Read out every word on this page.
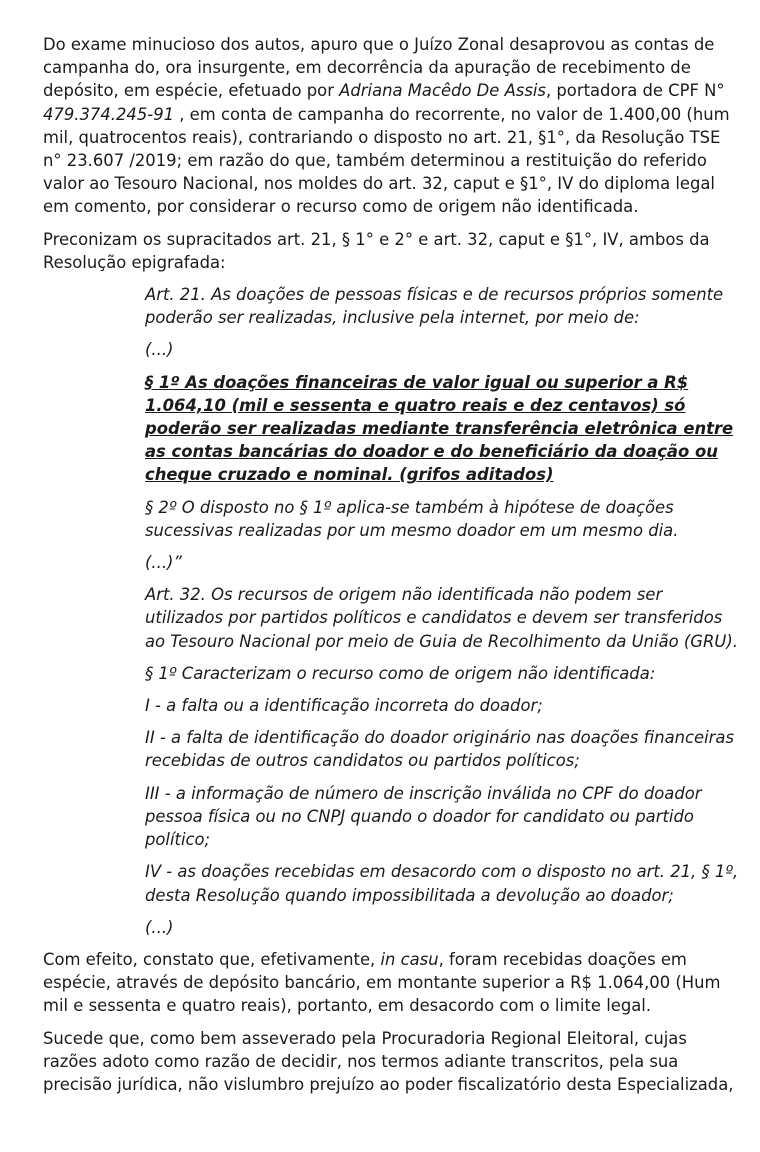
Do exame minucioso dos autos, apuro que o Juízo Zonal desaprovou as contas de campanha do, ora insurgente, em decorrência da apuração de recebimento de depósito, em espécie, efetuado por Adriana Macêdo De Assis, portadora de CPF N° 479.374.245-91 , em conta de campanha do recorrente, no valor de 1.400,00 (hum mil, quatrocentos reais), contrariando o disposto no art. 21, §1°, da Resolução TSE n° 23.607 /2019; em razão do que, também determinou a restituição do referido valor ao Tesouro Nacional, nos moldes do art. 32, caput e §1°, IV do diploma legal em comento, por considerar o recurso como de origem não identificada.

Preconizam os supracitados art. 21, § 1° e 2° e art. 32, caput e §1°, IV, ambos da Resolução epigrafada:

Art. 21. As doações de pessoas físicas e de recursos próprios somente poderão ser realizadas, inclusive pela internet, por meio de:

(...)

§ 1º As doações financeiras de valor igual ou superior a R$ 1.064,10 (mil e sessenta e quatro reais e dez centavos) só poderão ser realizadas mediante transferência eletrônica entre as contas bancárias do doador e do beneficiário da doação ou cheque cruzado e nominal. (grifos aditados)

§ 2º O disposto no § 1º aplica-se também à hipótese de doações sucessivas realizadas por um mesmo doador em um mesmo dia.

(...)”

Art. 32. Os recursos de origem não identificada não podem ser utilizados por partidos políticos e candidatos e devem ser transferidos ao Tesouro Nacional por meio de Guia de Recolhimento da União (GRU).

§ 1º Caracterizam o recurso como de origem não identificada:

I - a falta ou a identificação incorreta do doador;

II - a falta de identificação do doador originário nas doações financeiras recebidas de outros candidatos ou partidos políticos;

III - a informação de número de inscrição inválida no CPF do doador pessoa física ou no CNPJ quando o doador for candidato ou partido político;

IV - as doações recebidas em desacordo com o disposto no art. 21, § 1º, desta Resolução quando impossibilitada a devolução ao doador;

(...)

Com efeito, constato que, efetivamente, in casu, foram recebidas doações em espécie, através de depósito bancário, em montante superior a R$ 1.064,00 (Hum mil e sessenta e quatro reais), portanto, em desacordo com o limite legal.

Sucede que, como bem asseverado pela Procuradoria Regional Eleitoral, cujas razões adoto como razão de decidir, nos termos adiante transcritos, pela sua precisão jurídica, não vislumbro prejuízo ao poder fiscalizatório desta Especializada,
